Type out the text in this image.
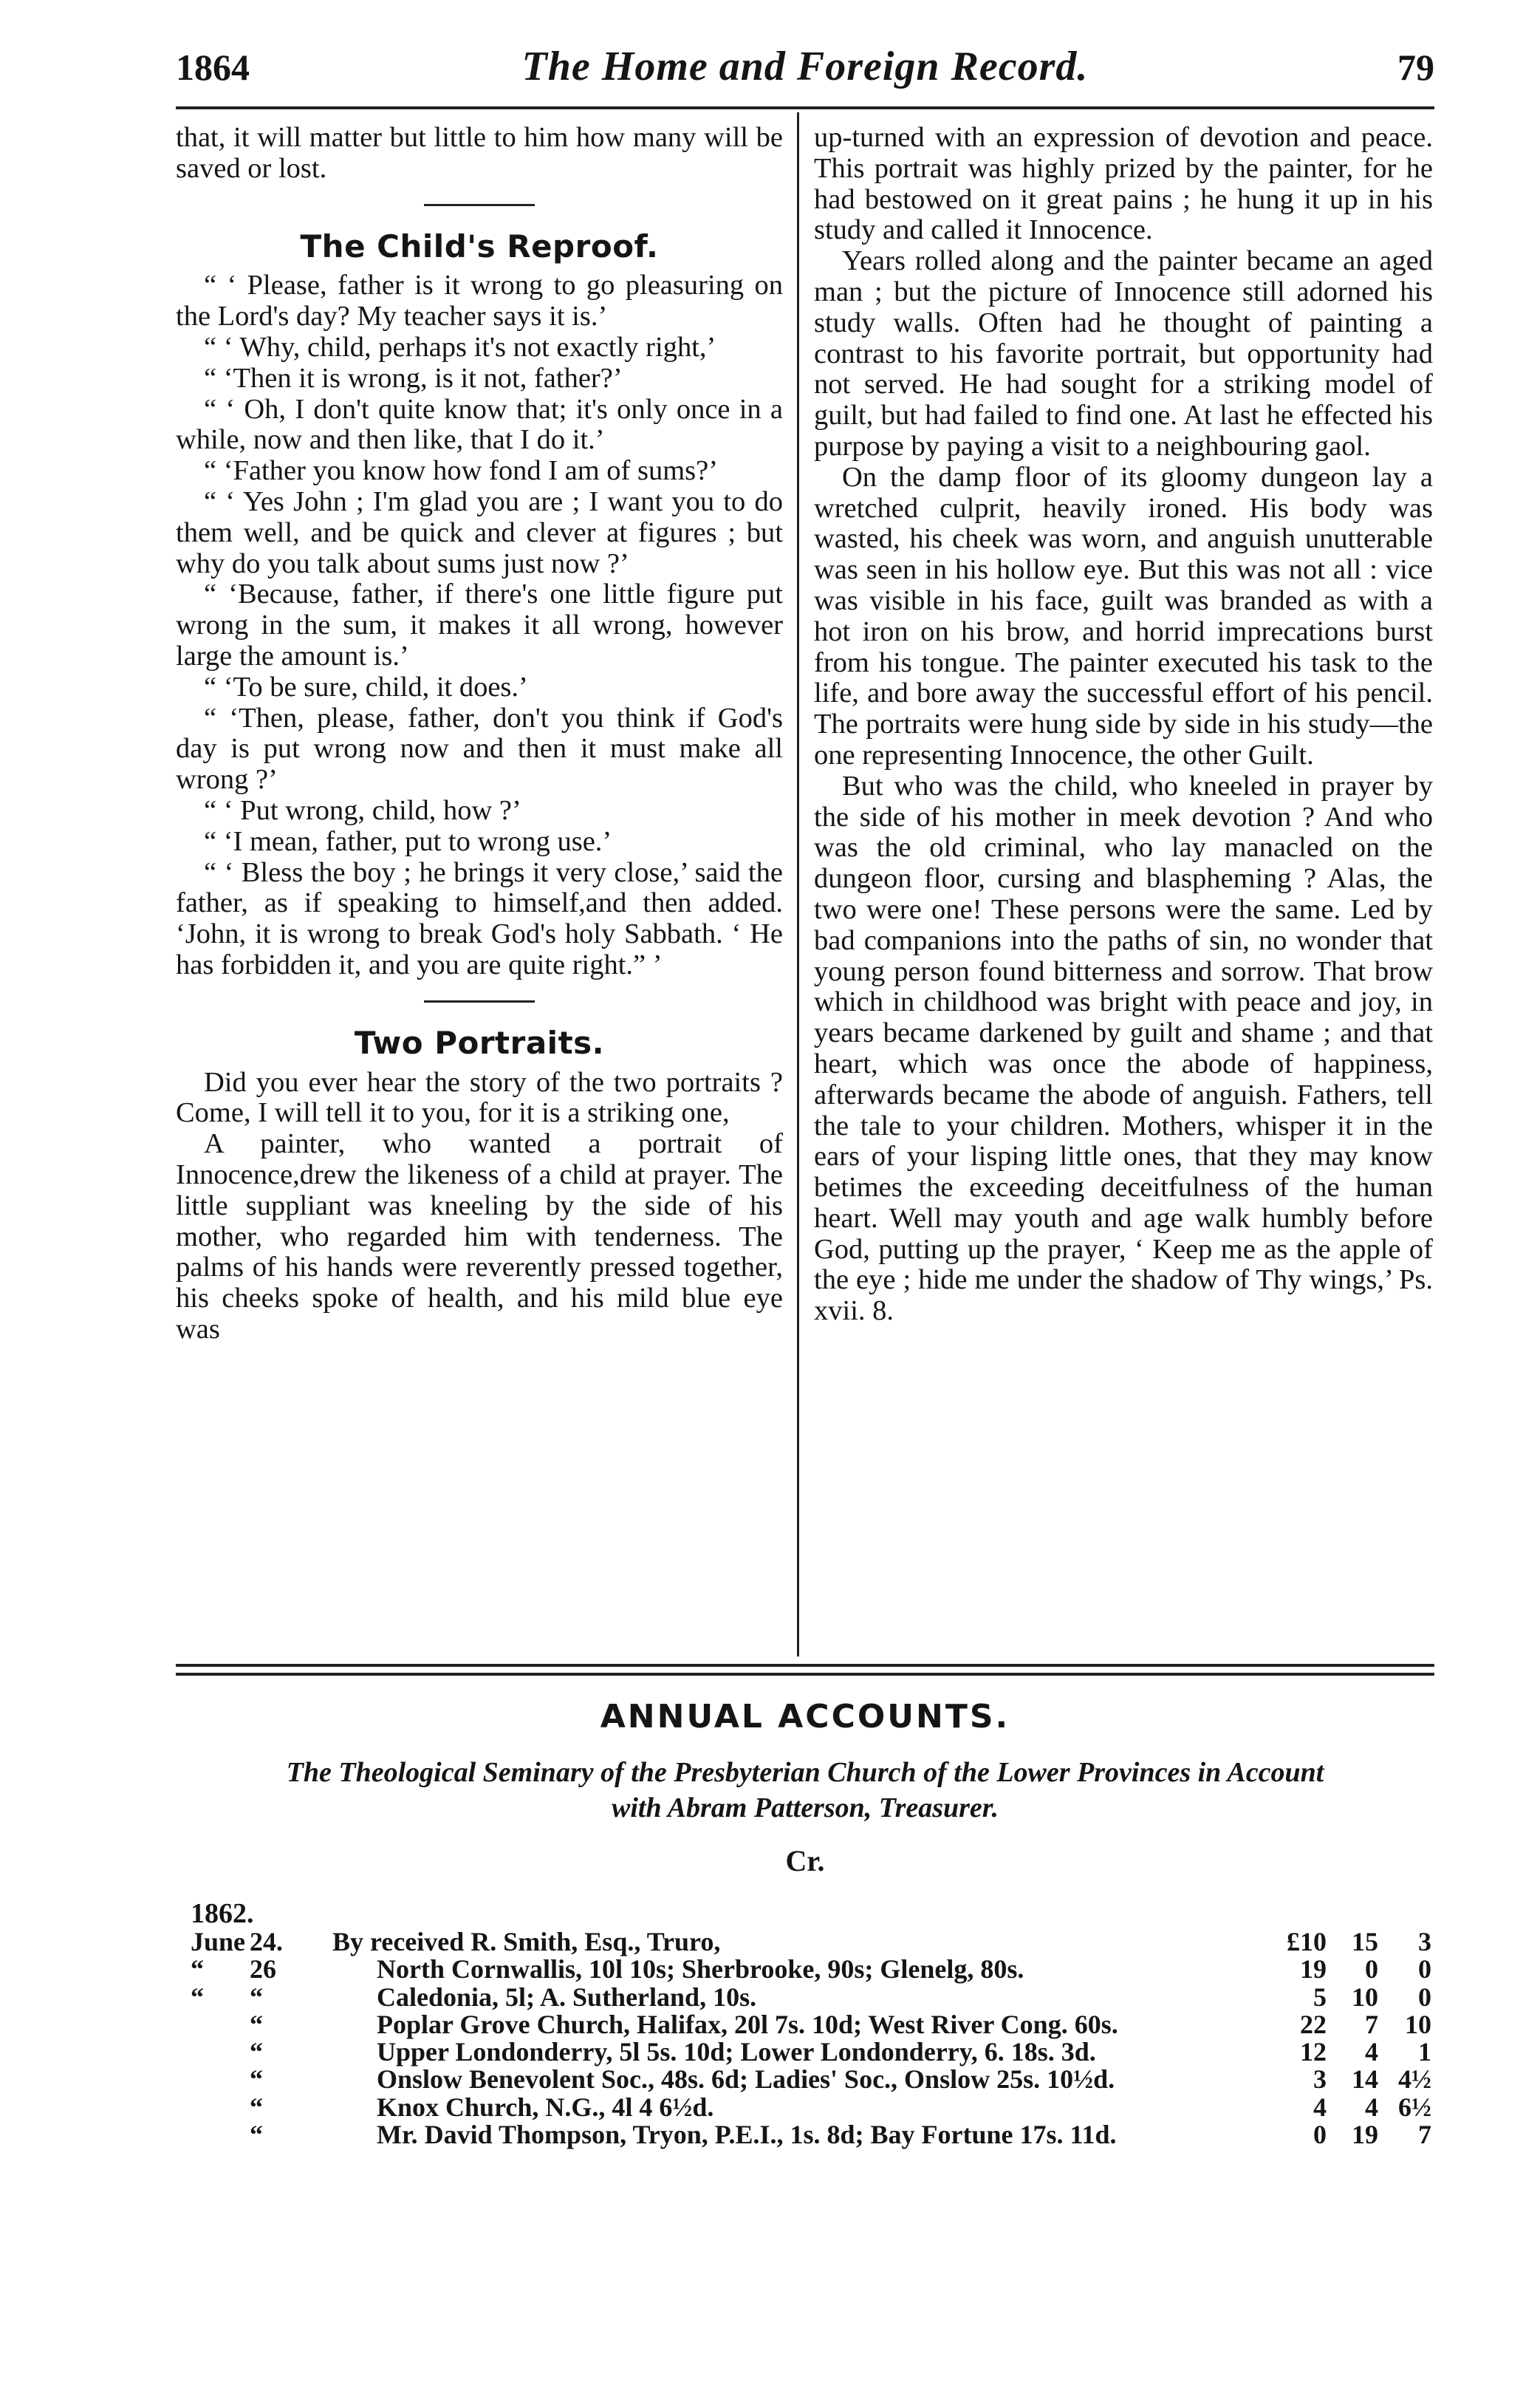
1864	The Home and Foreign Record.	79

that, it will matter but little to him how many will be saved or lost.

The Child's Reproof.

“ ‘ Please, father is it wrong to go pleasuring on the Lord's day? My teacher says it is.’

“ ‘ Why, child, perhaps it's not exactly right,’

“ ‘Then it is wrong, is it not, father?’

“ ‘ Oh, I don't quite know that; it's only once in a while, now and then like, that I do it.’

“ ‘Father you know how fond I am of sums?’

“ ‘ Yes John ; I'm glad you are ; I want you to do them well, and be quick and clever at figures ; but why do you talk about sums just now ?’

“ ‘Because, father, if there's one little figure put wrong in the sum, it makes it all wrong, however large the amount is.’

“ ‘To be sure, child, it does.’

“ ‘Then, please, father, don't you think if God's day is put wrong now and then it must make all wrong ?’

“ ‘ Put wrong, child, how ?’

“ ‘I mean, father, put to wrong use.’

“ ‘ Bless the boy ; he brings it very close,’ said the father, as if speaking to himself,and then added. ‘John, it is wrong to break God's holy Sabbath. ‘ He has forbidden it, and you are quite right.” ’

Two Portraits.

Did you ever hear the story of the two portraits ? Come, I will tell it to you, for it is a striking one,

A painter, who wanted a portrait of Innocence,drew the likeness of a child at prayer. The little suppliant was kneeling by the side of his mother, who regarded him with tenderness. The palms of his hands were reverently pressed together, his cheeks spoke of health, and his mild blue eye was

up-turned with an expression of devotion and peace. This portrait was highly prized by the painter, for he had bestowed on it great pains ; he hung it up in his study and called it Innocence.

Years rolled along and the painter became an aged man ; but the picture of Innocence still adorned his study walls. Often had he thought of painting a contrast to his favorite portrait, but opportunity had not served. He had sought for a striking model of guilt, but had failed to find one. At last he effected his purpose by paying a visit to a neighbouring gaol.

On the damp floor of its gloomy dungeon lay a wretched culprit, heavily ironed. His body was wasted, his cheek was worn, and anguish unutterable was seen in his hollow eye. But this was not all : vice was visible in his face, guilt was branded as with a hot iron on his brow, and horrid imprecations burst from his tongue. The painter executed his task to the life, and bore away the successful effort of his pencil. The portraits were hung side by side in his study—the one representing Innocence, the other Guilt.

But who was the child, who kneeled in prayer by the side of his mother in meek devotion ? And who was the old criminal, who lay manacled on the dungeon floor, cursing and blaspheming ? Alas, the two were one! These persons were the same. Led by bad companions into the paths of sin, no wonder that young person found bitterness and sorrow. That brow which in childhood was bright with peace and joy, in years became darkened by guilt and shame ; and that heart, which was once the abode of happiness, afterwards became the abode of anguish. Fathers, tell the tale to your children. Mothers, whisper it in the ears of your lisping little ones, that they may know betimes the exceeding deceitfulness of the human heart. Well may youth and age walk humbly before God, putting up the prayer, ‘ Keep me as the apple of the eye ; hide me under the shadow of Thy wings,’ Ps. xvii. 8.

ANNUAL ACCOUNTS.
The Theological Seminary of the Presbyterian Church of the Lower Provinces in Account
with Abram Patterson, Treasurer.
Cr.
1862.
June	24.	By received R. Smith, Esq., Truro,	£10	15	3
“	26	North Cornwallis, 10l 10s; Sherbrooke, 90s; Glenelg, 80s.	19	0	0
“	“	Caledonia, 5l; A. Sutherland, 10s.	5	10	0
	“	Poplar Grove Church, Halifax, 20l 7s. 10d; West River Cong. 60s.	22	7	10
	“	Upper Londonderry, 5l 5s. 10d; Lower Londonderry, 6. 18s. 3d.	12	4	1
	“	Onslow Benevolent Soc., 48s. 6d; Ladies' Soc., Onslow 25s. 10½d.	3	14	4½
	“	Knox Church, N.G., 4l 4 6½d.	4	4	6½
	“	Mr. David Thompson, Tryon, P.E.I., 1s. 8d; Bay Fortune 17s. 11d.	0	19	7
